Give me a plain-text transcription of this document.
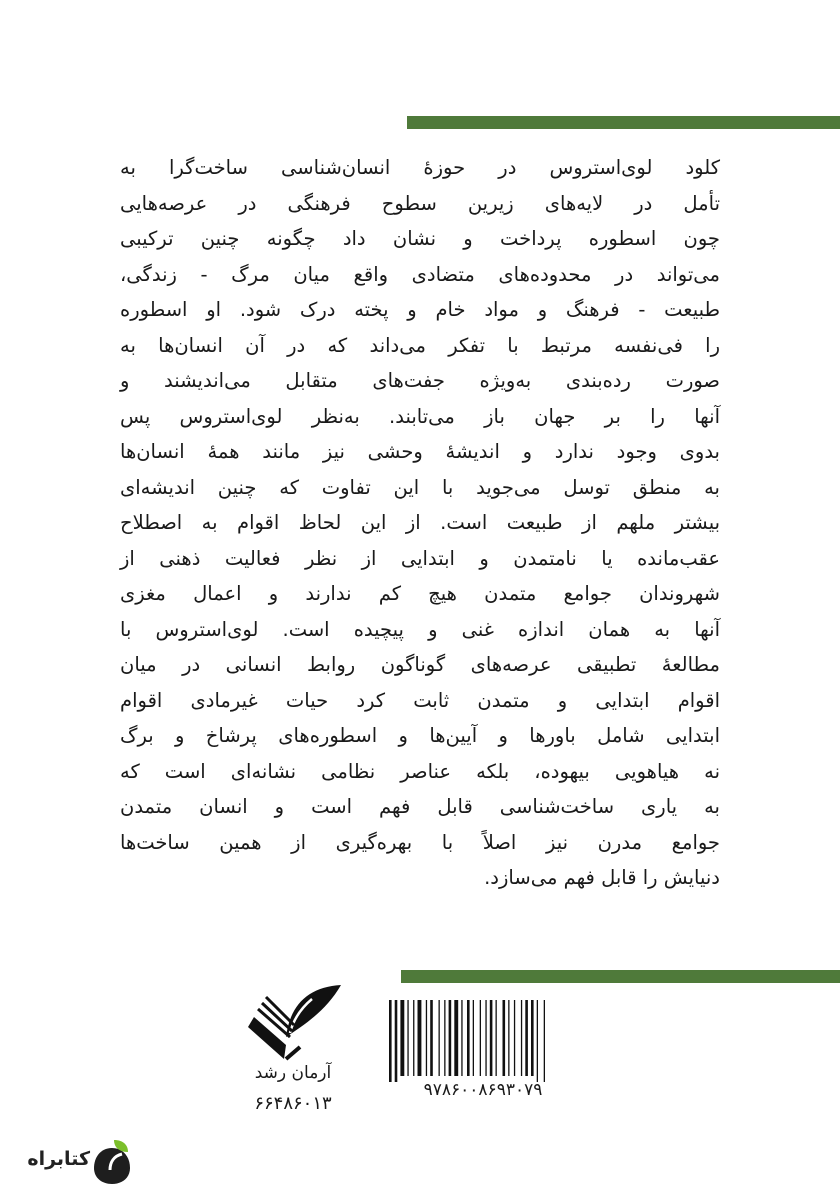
کلود لوی‌استروس در حوزهٔ انسان‌شناسی ساخت‌گرا به
تأمل در لایه‌های زیرین سطوح فرهنگی در عرصه‌هایی
چون اسطوره پرداخت و نشان داد چگونه چنین ترکیبی
می‌تواند در محدوده‌های متضادی واقع میان مرگ - زندگی،
طبیعت - فرهنگ و مواد خام و پخته درک شود. او اسطوره
را فی‌نفسه مرتبط با تفکر می‌داند که در آن انسان‌ها به
صورت رده‌بندی به‌ویژه جفت‌های متقابل می‌اندیشند و
آنها را بر جهان باز می‌تابند. به‌نظر لوی‌استروس پس
بدوی وجود ندارد و اندیشهٔ وحشی نیز مانند همهٔ انسان‌ها
به منطق توسل می‌جوید با این تفاوت که چنین اندیشه‌ای
بیشتر ملهم از طبیعت است. از این لحاظ اقوام به اصطلاح
عقب‌مانده یا نامتمدن و ابتدایی از نظر فعالیت ذهنی از
شهروندان جوامع متمدن هیچ کم ندارند و اعمال مغزی
آنها به همان اندازه غنی و پیچیده است. لوی‌استروس با
مطالعهٔ تطبیقی عرصه‌های گوناگون روابط انسانی در میان
اقوام ابتدایی و متمدن ثابت کرد حیات غیرمادی اقوام
ابتدایی شامل باورها و آیین‌ها و اسطوره‌های پرشاخ و برگ
نه هیاهویی بیهوده، بلکه عناصر نظامی نشانه‌ای است که
به یاری ساخت‌شناسی قابل فهم است و انسان متمدن
جوامع مدرن نیز اصلاً با بهره‌گیری از همین ساخت‌ها
دنیایش را قابل فهم می‌سازد.
آرمان رشد
۶۶۴۸۶۰۱۳
۹۷۸۶۰۰۸۶۹۳۰۷۹
کتابراه
